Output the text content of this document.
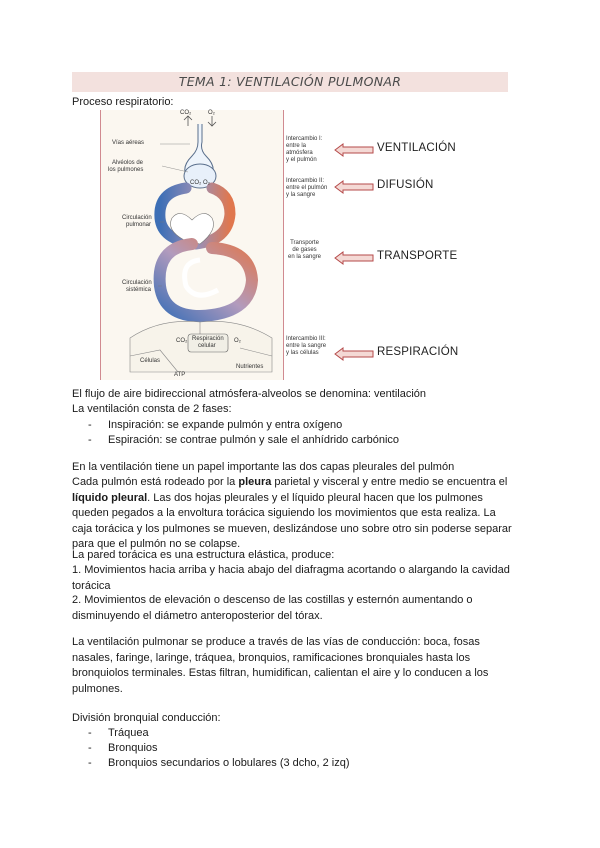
TEMA 1: VENTILACIÓN PULMONAR
Proceso respiratorio:
CO₂	O₂
Vías aéreas
Alvéolos de
los pulmones
CO₂ O₂
Circulación
pulmonar
Circulación
sistémica
CO₂	O₂
Respiración
celular
Células
ATP
Nutrientes
Intercambio I:
entre la
atmósfera
y el pulmón
Intercambio II:
entre el pulmón
y la sangre
Transporte
de gases
en la sangre
Intercambio III:
entre la sangre
y las células
VENTILACIÓN
DIFUSIÓN
TRANSPORTE
RESPIRACIÓN
El flujo de aire bidireccional atmósfera-alveolos se denomina: ventilación
La ventilación consta de 2 fases:
- Inspiración: se expande pulmón y entra oxígeno
- Espiración: se contrae pulmón y sale el anhídrido carbónico
En la ventilación tiene un papel importante las dos capas pleurales del pulmón

Cada pulmón está rodeado por la pleura parietal y visceral y entre medio se encuentra el líquido pleural. Las dos hojas pleurales y el líquido pleural hacen que los pulmones queden pegados a la envoltura torácica siguiendo los movimientos que esta realiza. La caja torácica y los pulmones se mueven, deslizándose uno sobre otro sin poderse separar para que el pulmón no se colapse.

La pared torácica es una estructura elástica, produce:
1. Movimientos hacia arriba y hacia abajo del diafragma acortando o alargando la cavidad torácica
2. Movimientos de elevación o descenso de las costillas y esternón aumentando o disminuyendo el diámetro anteroposterior del tórax.
La ventilación pulmonar se produce a través de las vías de conducción: boca, fosas nasales, faringe, laringe, tráquea, bronquios, ramificaciones bronquiales hasta los bronquiolos terminales. Estas filtran, humidifican, calientan el aire y lo conducen a los pulmones.
División bronquial conducción:
- Tráquea
- Bronquios
- Bronquios secundarios o lobulares (3 dcho, 2 izq)
